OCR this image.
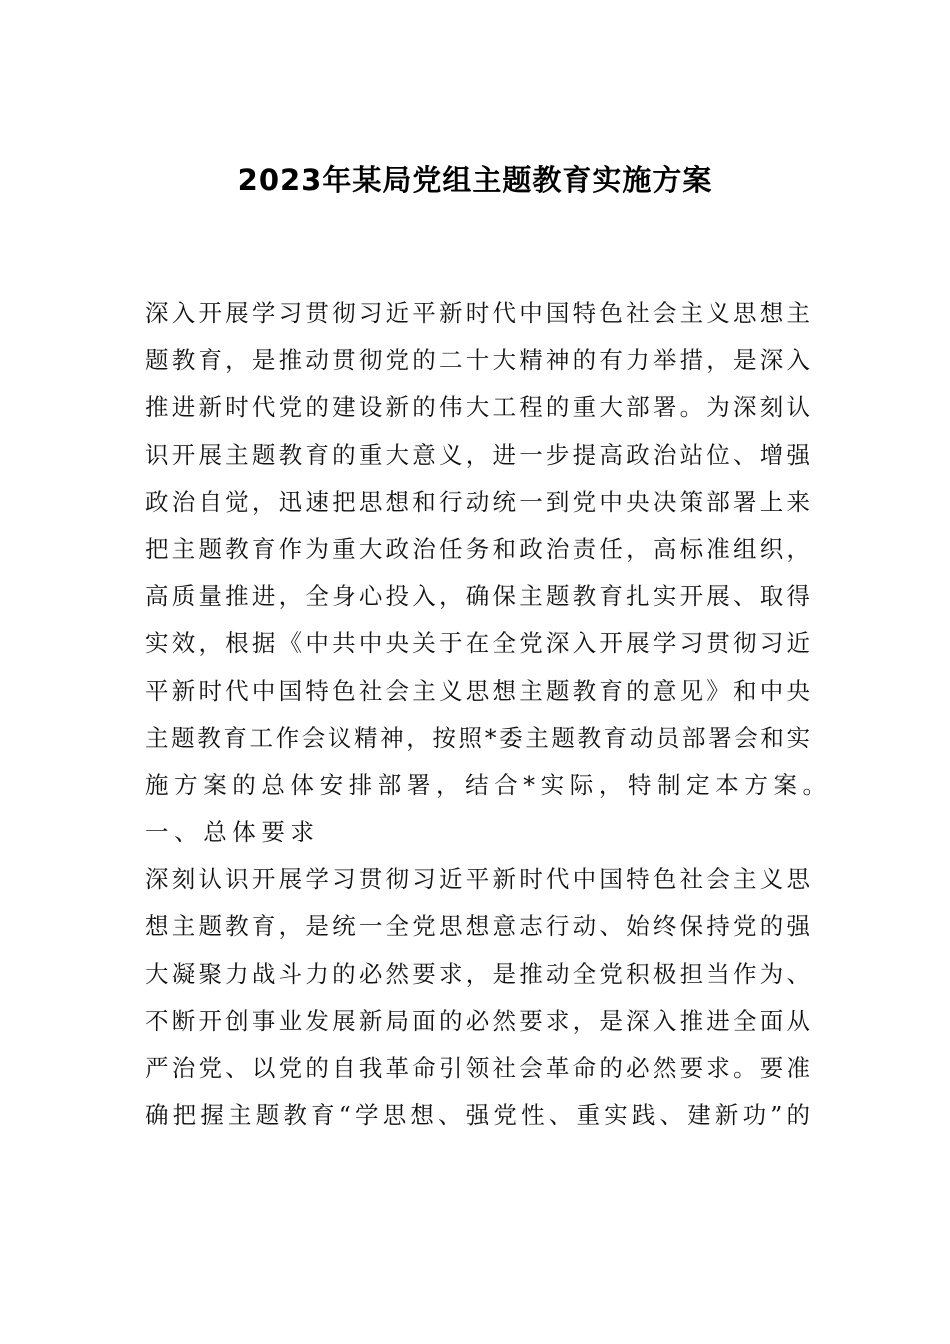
2023年某局党组主题教育实施方案
深入开展学习贯彻习近平新时代中国特色社会主义思想主
题教育，是推动贯彻党的二十大精神的有力举措，是深入
推进新时代党的建设新的伟大工程的重大部署。为深刻认
识开展主题教育的重大意义，进一步提高政治站位、增强
政治自觉，迅速把思想和行动统一到党中央决策部署上来
把主题教育作为重大政治任务和政治责任，高标准组织，
高质量推进，全身心投入，确保主题教育扎实开展、取得
实效，根据《中共中央关于在全党深入开展学习贯彻习近
平新时代中国特色社会主义思想主题教育的意见》和中央
主题教育工作会议精神，按照*委主题教育动员部署会和实
施方案的总体安排部署，结合*实际，特制定本方案。
一、总体要求
深刻认识开展学习贯彻习近平新时代中国特色社会主义思
想主题教育，是统一全党思想意志行动、始终保持党的强
大凝聚力战斗力的必然要求，是推动全党积极担当作为、
不断开创事业发展新局面的必然要求，是深入推进全面从
严治党、以党的自我革命引领社会革命的必然要求。要准
确把握主题教育“学思想、强党性、重实践、建新功”的
